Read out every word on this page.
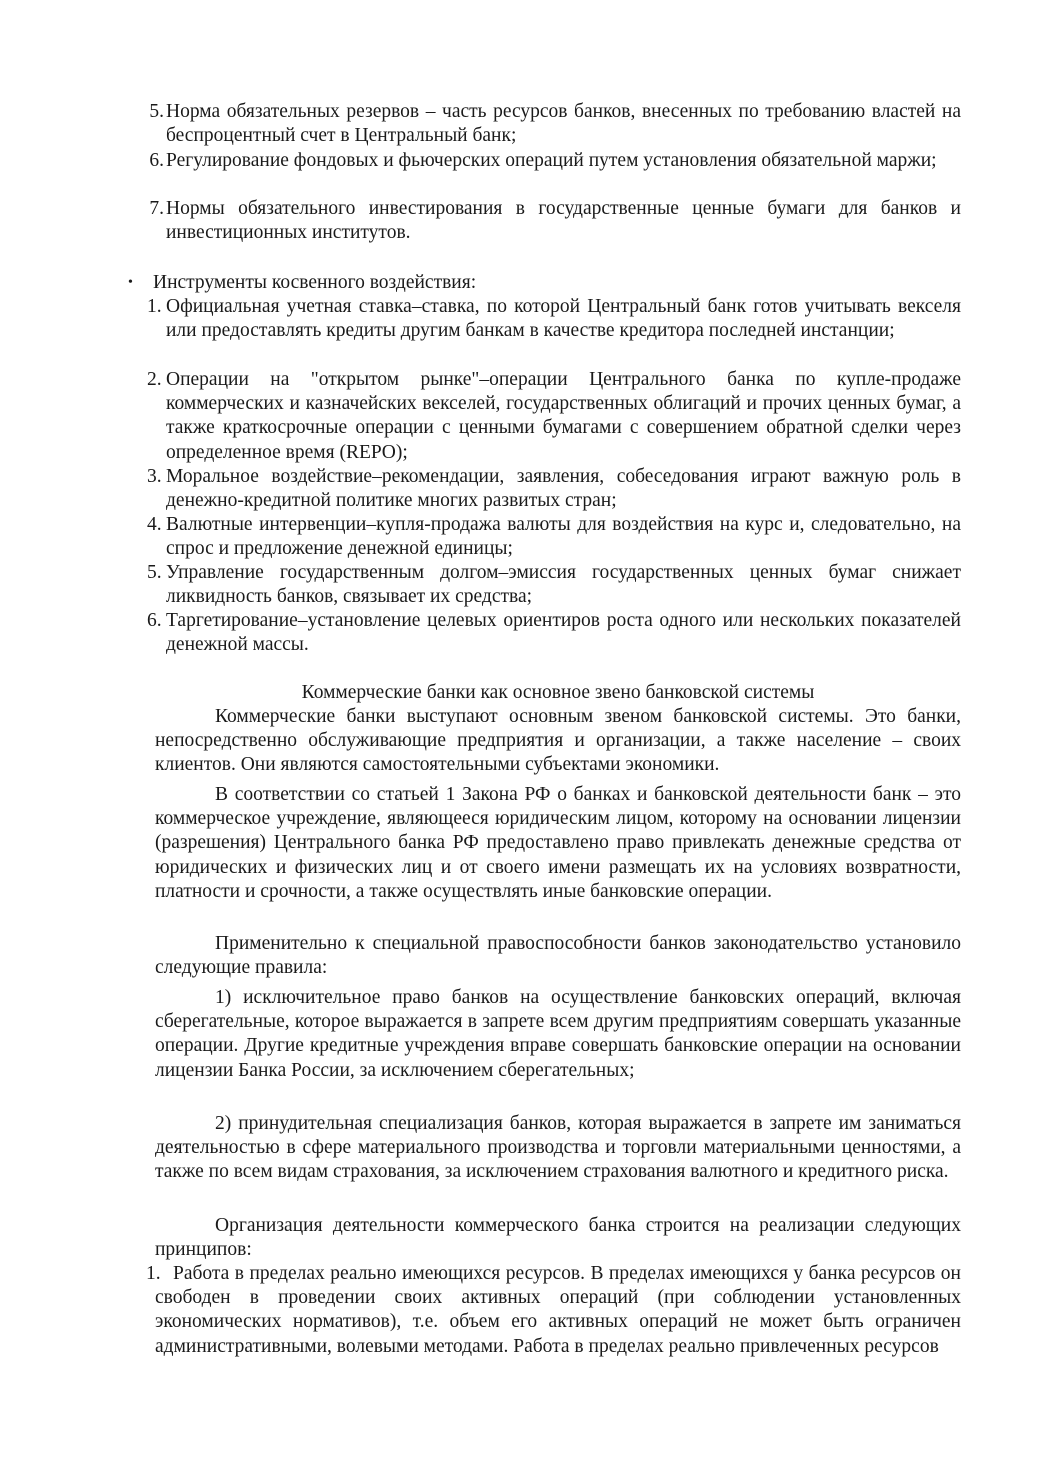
5. Норма обязательных резервов – часть ресурсов банков, внесенных по требованию властей на беспроцентный счет в Центральный банк;
6. Регулирование фондовых и фьючерских операций путем установления обязательной маржи;
7. Нормы обязательного инвестирования в государственные ценные бумаги для банков и инвестиционных институтов.
• Инструменты косвенного воздействия:
1. Официальная учетная ставка–ставка, по которой Центральный банк готов учитывать векселя или предоставлять кредиты другим банкам в качестве кредитора последней инстанции;
2. Операции на "открытом рынке"–операции Центрального банка по купле-продаже коммерческих и казначейских векселей, государственных облигаций и прочих ценных бумаг, а также краткосрочные операции с ценными бумагами с совершением обратной сделки через определенное время (REPO);
3. Моральное воздействие–рекомендации, заявления, собеседования играют важную роль в денежно-кредитной политике многих развитых стран;
4. Валютные интервенции–купля-продажа валюты для воздействия на курс и, следовательно, на спрос и предложение денежной единицы;
5. Управление государственным долгом–эмиссия государственных ценных бумаг снижает ликвидность банков, связывает их средства;
6. Таргетирование–установление целевых ориентиров роста одного или нескольких показателей денежной массы.
Коммерческие банки как основное звено банковской системы

Коммерческие банки выступают основным звеном банковской системы. Это банки, непосредственно обслуживающие предприятия и организации, а также население – своих клиентов. Они являются самостоятельными субъектами экономики.

В соответствии со статьей 1 Закона РФ о банках и банковской деятельности банк – это коммерческое учреждение, являющееся юридическим лицом, которому на основании лицензии (разрешения) Центрального банка РФ предоставлено право привлекать денежные средства от юридических и физических лиц и от своего имени размещать их на условиях возвратности, платности и срочности, а также осуществлять иные банковские операции.

Применительно к специальной правоспособности банков законодательство установило следующие правила:

1) исключительное право банков на осуществление банковских операций, включая сберегательные, которое выражается в запрете всем другим предприятиям совершать указанные операции. Другие кредитные учреждения вправе совершать банковские операции на основании лицензии Банка России, за исключением сберегательных;

2) принудительная специализация банков, которая выражается в запрете им заниматься деятельностью в сфере материального производства и торговли материальными ценностями, а также по всем видам страхования, за исключением страхования валютного и кредитного риска.

Организация деятельности коммерческого банка строится на реализации следующих принципов:

1. Работа в пределах реально имеющихся ресурсов. В пределах имеющихся у банка ресурсов он свободен в проведении своих активных операций (при соблюдении установленных экономических нормативов), т.е. объем его активных операций не может быть ограничен административными, волевыми методами. Работа в пределах реально привлеченных ресурсов
